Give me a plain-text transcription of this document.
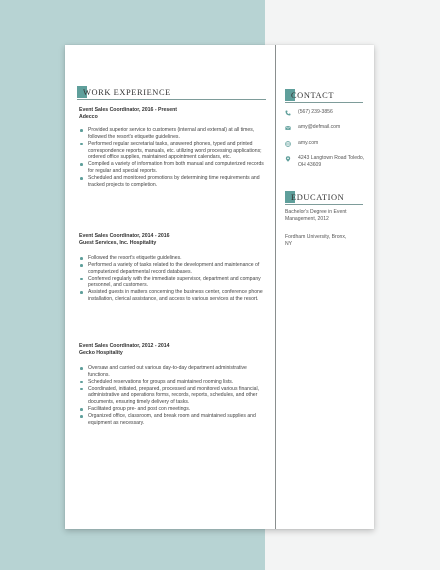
WORK EXPERIENCE
Event Sales Coordinator, 2016 - Present
Adecco
Provided superior service to customers (internal and external) at all times, followed the resort's etiquette guidelines.
Performed regular secretarial tasks, answered phones, typed and printed correspondence reports, manuals, etc. utilizing word processing applications; ordered office supplies, maintained appointment calendars, etc.
Compiled a variety of information from both manual and computerized records for regular and special reports.
Scheduled and monitored promotions by determining time requirements and tracked projects to completion.
Event Sales Coordinator, 2014 - 2016
Guest Services, Inc. Hospitality
Followed the resort's etiquette guidelines.
Performed a variety of tasks related to the development and maintenance of computerized departmental record databases.
Conferred regularly with the immediate supervisor, department and company personnel, and customers.
Assisted guests in matters concerning the business center, conference phone installation, clerical assistance, and access to various services at the resort.
Event Sales Coordinator, 2012 - 2014
Gecko Hospitality
Oversaw and carried out various day-to-day department administrative functions.
Scheduled reservations for groups and maintained rooming lists.
Coordinated, initiated, prepared, processed and monitored various financial, administrative and operations forms, records, reports, schedules, and other documents, ensuring timely delivery of tasks.
Facilitated group pre- and post con meetings.
Organized office, classroom, and break room and maintained supplies and equipment as necessary.
CONTACT
(567) 239-3856
amy@defmail.com
amy.com
4243 Langtown Road Toledo, OH 43609
EDUCATION
Bachelor's Degree in Event Management, 2012
Fordham University, Bronx, NY
